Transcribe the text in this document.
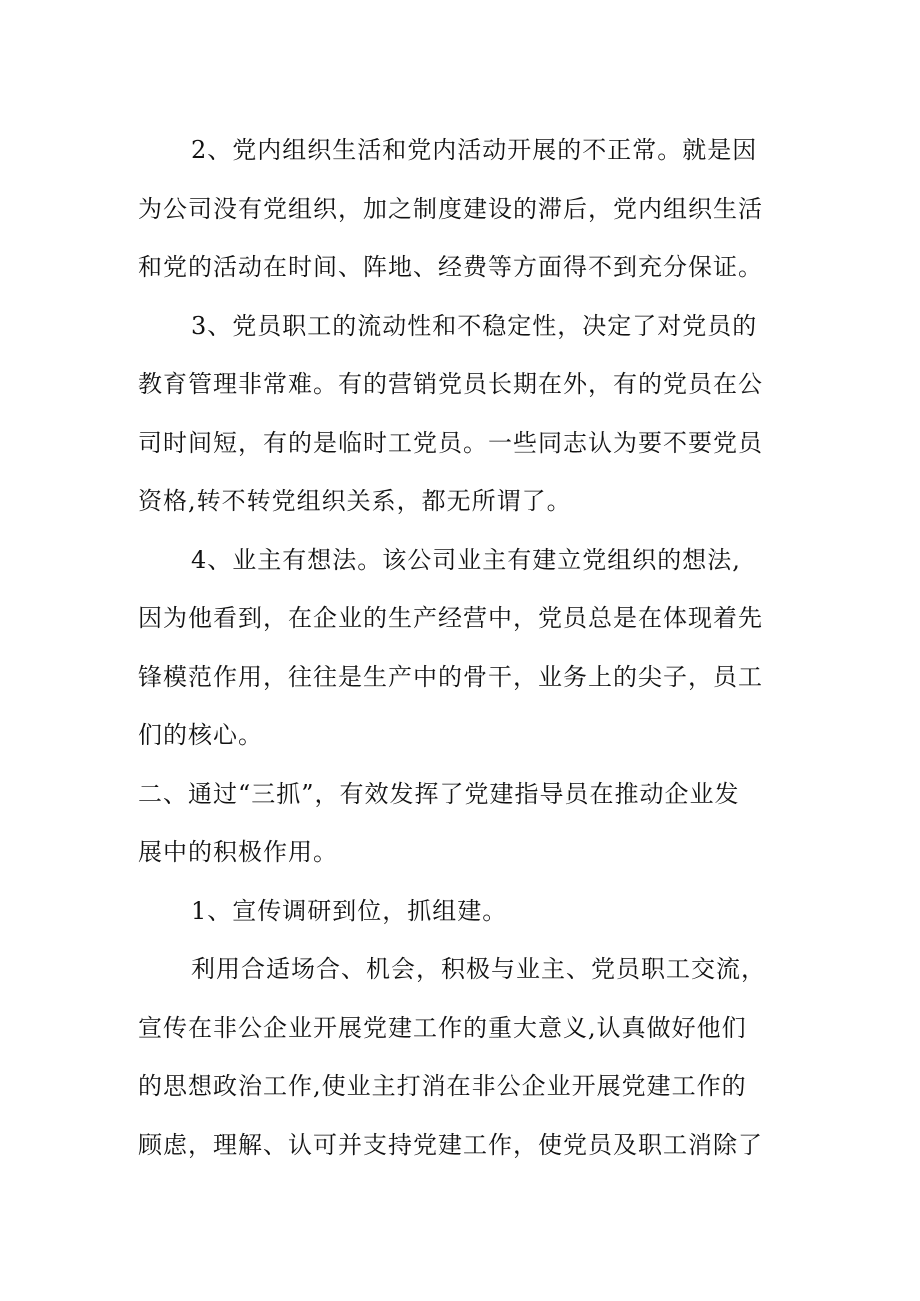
2、党内组织生活和党内活动开展的不正常。就是因
为公司没有党组织，加之制度建设的滞后，党内组织生活
和党的活动在时间、阵地、经费等方面得不到充分保证。
3、党员职工的流动性和不稳定性，决定了对党员的
教育管理非常难。有的营销党员长期在外，有的党员在公
司时间短，有的是临时工党员。一些同志认为要不要党员
资格,转不转党组织关系，都无所谓了。
4、业主有想法。该公司业主有建立党组织的想法,
因为他看到，在企业的生产经营中，党员总是在体现着先
锋模范作用，往往是生产中的骨干，业务上的尖子，员工
们的核心。
二、通过“三抓”，有效发挥了党建指导员在推动企业发
展中的积极作用。
1、宣传调研到位，抓组建。
利用合适场合、机会，积极与业主、党员职工交流，
宣传在非公企业开展党建工作的重大意义,认真做好他们
的思想政治工作,使业主打消在非公企业开展党建工作的
顾虑，理解、认可并支持党建工作，使党员及职工消除了
